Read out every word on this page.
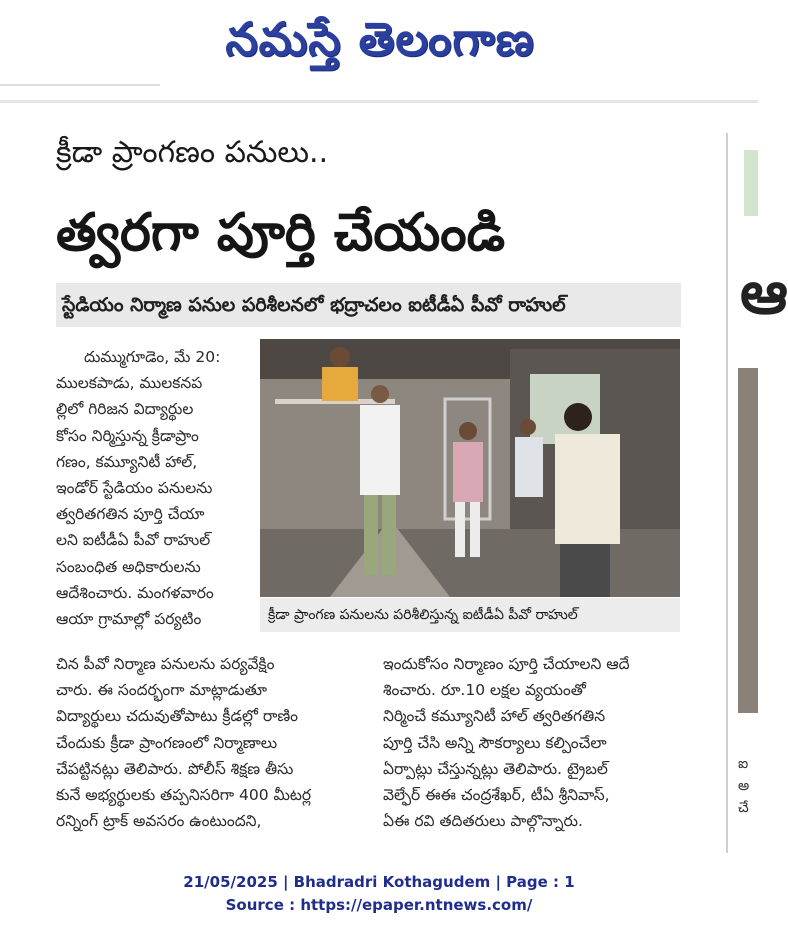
నమస్తే తెలంగాణ
క్రీడా ప్రాంగణం పనులు..
త్వరగా పూర్తి చేయండి
స్టేడియం నిర్మాణ పనుల పరిశీలనలో భద్రాచలం ఐటీడీఏ పీవో రాహుల్

దుమ్ముగూడెం, మే 20:

ములకపాడు, ములకనప

ల్లిలో గిరిజన విద్యార్థుల

కోసం నిర్మిస్తున్న క్రీడాప్రాం

గణం, కమ్యూనిటీ హాల్,

ఇండోర్ స్టేడియం పనులను

త్వరితగతిన పూర్తి చేయా

లని ఐటీడీఏ పీవో రాహుల్

సంబంధిత అధికారులను

ఆదేశించారు. మంగళవారం

ఆయా గ్రామాల్లో పర్యటిం	క్రీడా ప్రాంగణ పనులను పరిశీలిస్తున్న ఐటీడీఏ పీవో రాహుల్

చిన పీవో నిర్మాణ పనులను పర్యవేక్షిం

చారు. ఈ సందర్భంగా మాట్లాడుతూ

విద్యార్థులు చదువుతోపాటు క్రీడల్లో రాణిం

చేందుకు క్రీడా ప్రాంగణంలో నిర్మాణాలు

చేపట్టినట్లు తెలిపారు. పోలీస్ శిక్షణ తీసు

కునే అభ్యర్థులకు తప్పనిసరిగా 400 మీటర్ల

రన్నింగ్ ట్రాక్ అవసరం ఉంటుందని,

ఇందుకోసం నిర్మాణం పూర్తి చేయాలని ఆదే

శించారు. రూ.10 లక్షల వ్యయంతో

నిర్మించే కమ్యూనిటీ హాల్ త్వరితగతిన

పూర్తి చేసి అన్ని సౌకర్యాలు కల్పించేలా

ఏర్పాట్లు చేస్తున్నట్లు తెలిపారు. ట్రైబల్

వెల్ఫేర్ ఈఈ చంద్రశేఖర్, టీఏ శ్రీనివాస్,

ఏఈ రవి తదితరులు పాల్గొన్నారు.

ఆ
ఐ
అ
చే
21/05/2025 | Bhadradri Kothagudem | Page : 1
Source : https://epaper.ntnews.com/
